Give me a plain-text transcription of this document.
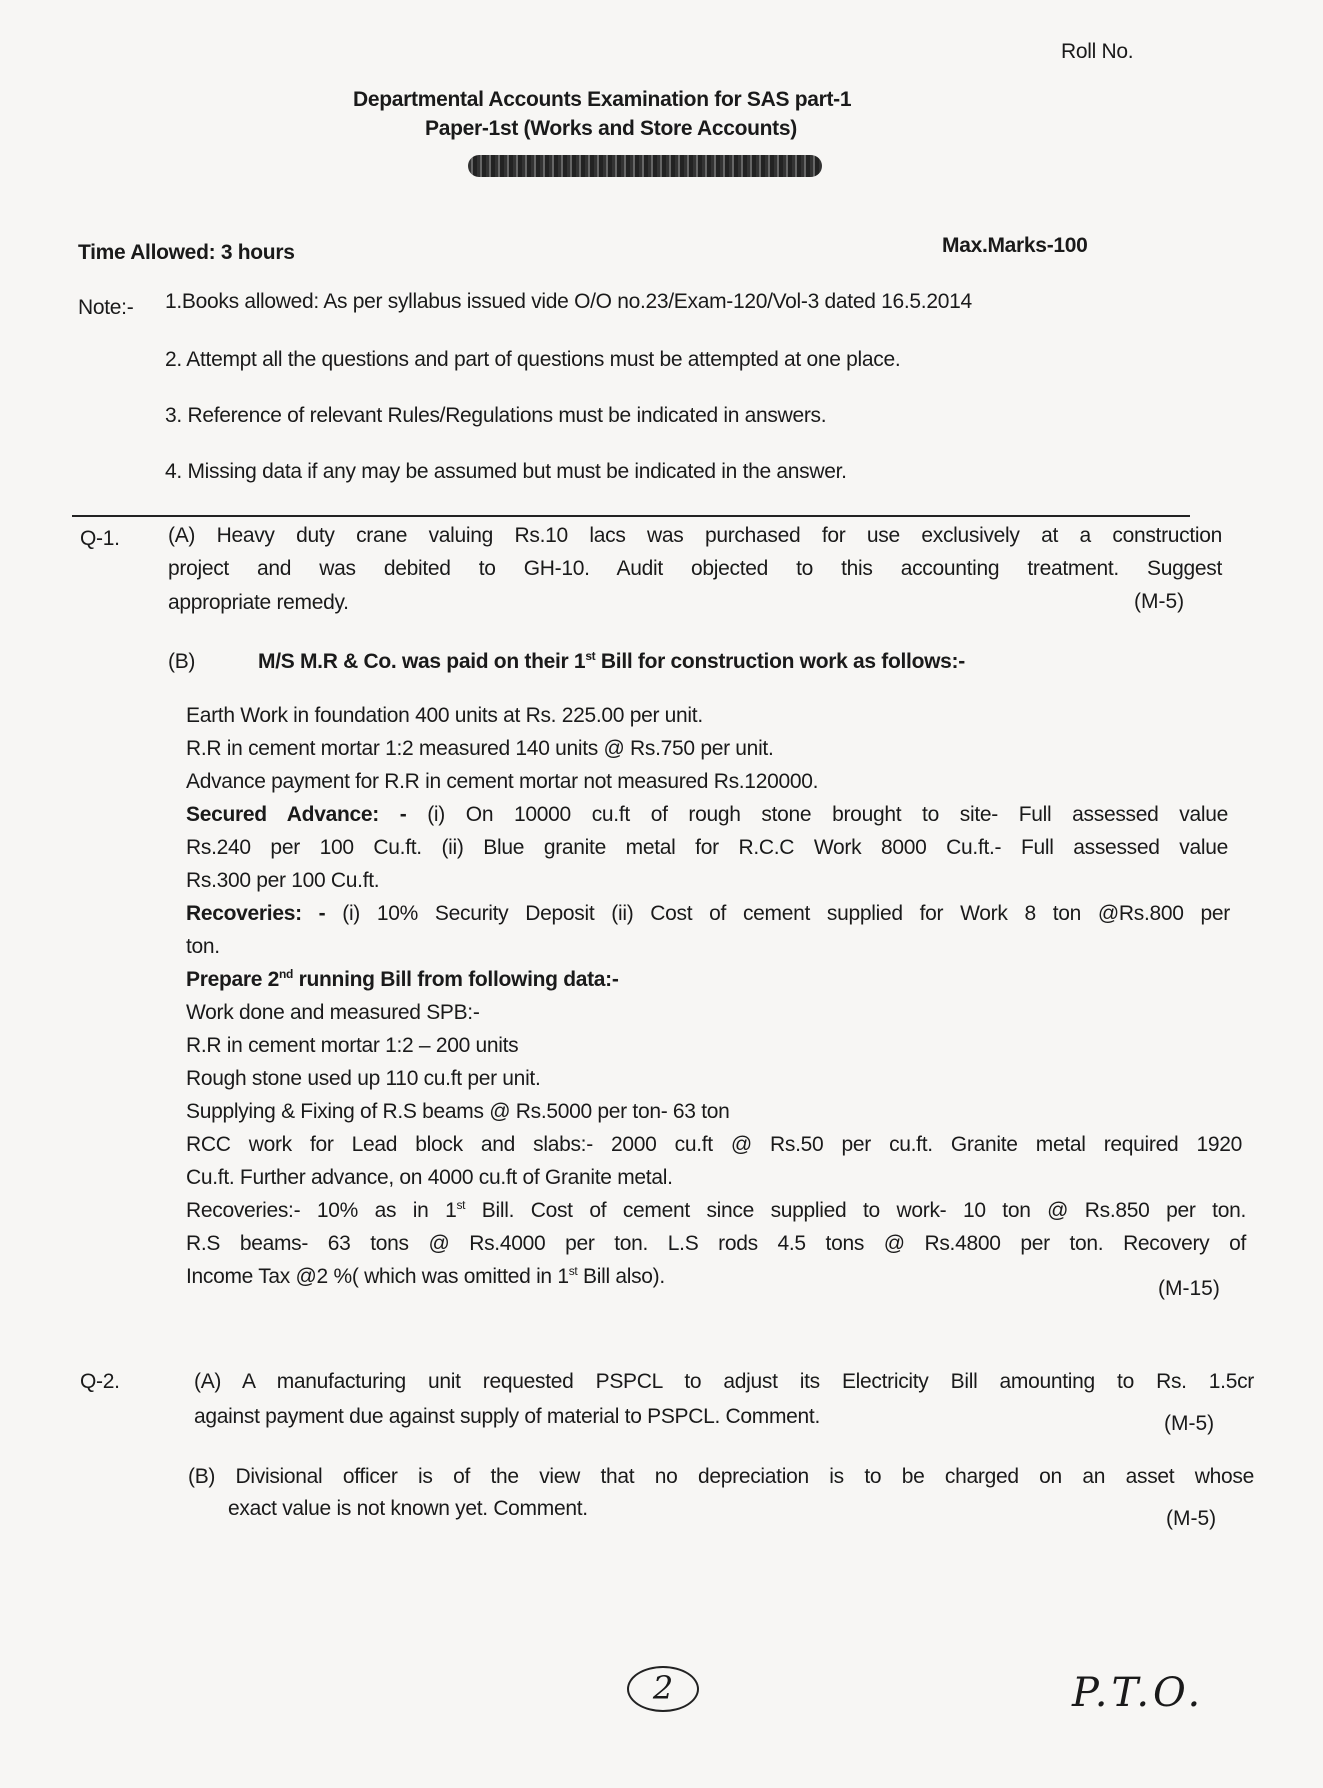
Roll No.
Departmental Accounts Examination for SAS part-1
Paper-1st (Works and Store Accounts)
Time Allowed: 3 hours	Max.Marks-100
Note:- 1.Books allowed: As per syllabus issued vide O/O no.23/Exam-120/Vol-3 dated 16.5.2014
2. Attempt all the questions and part of questions must be attempted at one place.
3. Reference of relevant Rules/Regulations must be indicated in answers.
4. Missing data if any may be assumed but must be indicated in the answer.
Q-1. (A) Heavy duty crane valuing Rs.10 lacs was purchased for use exclusively at a construction
project and was debited to GH-10. Audit objected to this accounting treatment. Suggest
appropriate remedy.	(M-5)
(B)	M/S M.R & Co. was paid on their 1st Bill for construction work as follows:-
Earth Work in foundation 400 units at Rs. 225.00 per unit.
R.R in cement mortar 1:2 measured 140 units @ Rs.750 per unit.
Advance payment for R.R in cement mortar not measured Rs.120000.
Secured Advance: - (i) On 10000 cu.ft of rough stone brought to site- Full assessed value
Rs.240 per 100 Cu.ft. (ii) Blue granite metal for R.C.C Work 8000 Cu.ft.- Full assessed value
Rs.300 per 100 Cu.ft.
Recoveries: - (i) 10% Security Deposit (ii) Cost of cement supplied for Work 8 ton @Rs.800 per
ton.
Prepare 2nd running Bill from following data:-
Work done and measured SPB:-
R.R in cement mortar 1:2 – 200 units
Rough stone used up 110 cu.ft per unit.
Supplying & Fixing of R.S beams @ Rs.5000 per ton- 63 ton
RCC work for Lead block and slabs:- 2000 cu.ft @ Rs.50 per cu.ft. Granite metal required 1920
Cu.ft. Further advance, on 4000 cu.ft of Granite metal.
Recoveries:- 10% as in 1st Bill. Cost of cement since supplied to work- 10 ton @ Rs.850 per ton.
R.S beams- 63 tons @ Rs.4000 per ton. L.S rods 4.5 tons @ Rs.4800 per ton. Recovery of
Income Tax @2 %( which was omitted in 1st Bill also).
(M-15)
Q-2.	(A) A manufacturing unit requested PSPCL to adjust its Electricity Bill amounting to Rs. 1.5cr
against payment due against supply of material to PSPCL. Comment.	(M-5)
(B) Divisional officer is of the view that no depreciation is to be charged on an asset whose
exact value is not known yet. Comment.	(M-5)
2	P.T.O.
